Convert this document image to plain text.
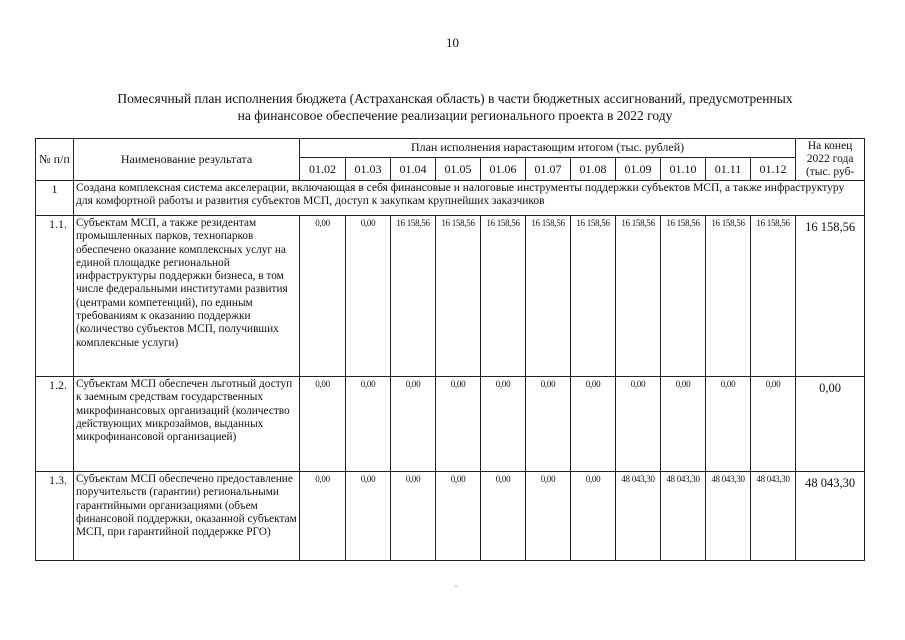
10
Помесячный план исполнения бюджета (Астраханская область) в части бюджетных ассигнований, предусмотренных
на финансовое обеспечение реализации регионального проекта в 2022 году
№ п/п	Наименование результата	План исполнения нарастающим итогом (тыс. рублей)											На конец 2022 года (тыс. руб-
		01.02	01.03	01.04	01.05	01.06	01.07	01.08	01.09	01.10	01.11	01.12	
1	Создана комплексная система акселерации, включающая в себя финансовые и налоговые инструменты поддержки субъектов МСП, а также инфраструктуру для комфортной работы и развития субъектов МСП, доступ к закупкам крупнейших заказчиков												
1.1.	Субъектам МСП, а также резидентам промышленных парков, технопарков обеспечено оказание комплексных услуг на единой площадке региональной инфраструктуры поддержки бизнеса, в том числе федеральными институтами развития (центрами компетенций), по единым требованиям к оказанию поддержки (количество субъектов МСП, получивших комплексные услуги)	0,00	0,00	16 158,56	16 158,56	16 158,56	16 158,56	16 158,56	16 158,56	16 158,56	16 158,56	16 158,56	16 158,56
1.2.	Субъектам МСП обеспечен льготный доступ к заемным средствам государственных микрофинансовых организаций (количество действующих микрозаймов, выданных микрофинансовой организацией)	0,00	0,00	0,00	0,00	0,00	0,00	0,00	0,00	0,00	0,00	0,00	0,00
1.3.	Субъектам МСП обеспечено предоставление поручительств (гарантии) региональными гарантийными организациями (объем финансовой поддержки, оказанной субъектам МСП, при гарантийной поддержке РГО)	0,00	0,00	0,00	0,00	0,00	0,00	0,00	48 043,30	48 043,30	48 043,30	48 043,30	48 043,30
